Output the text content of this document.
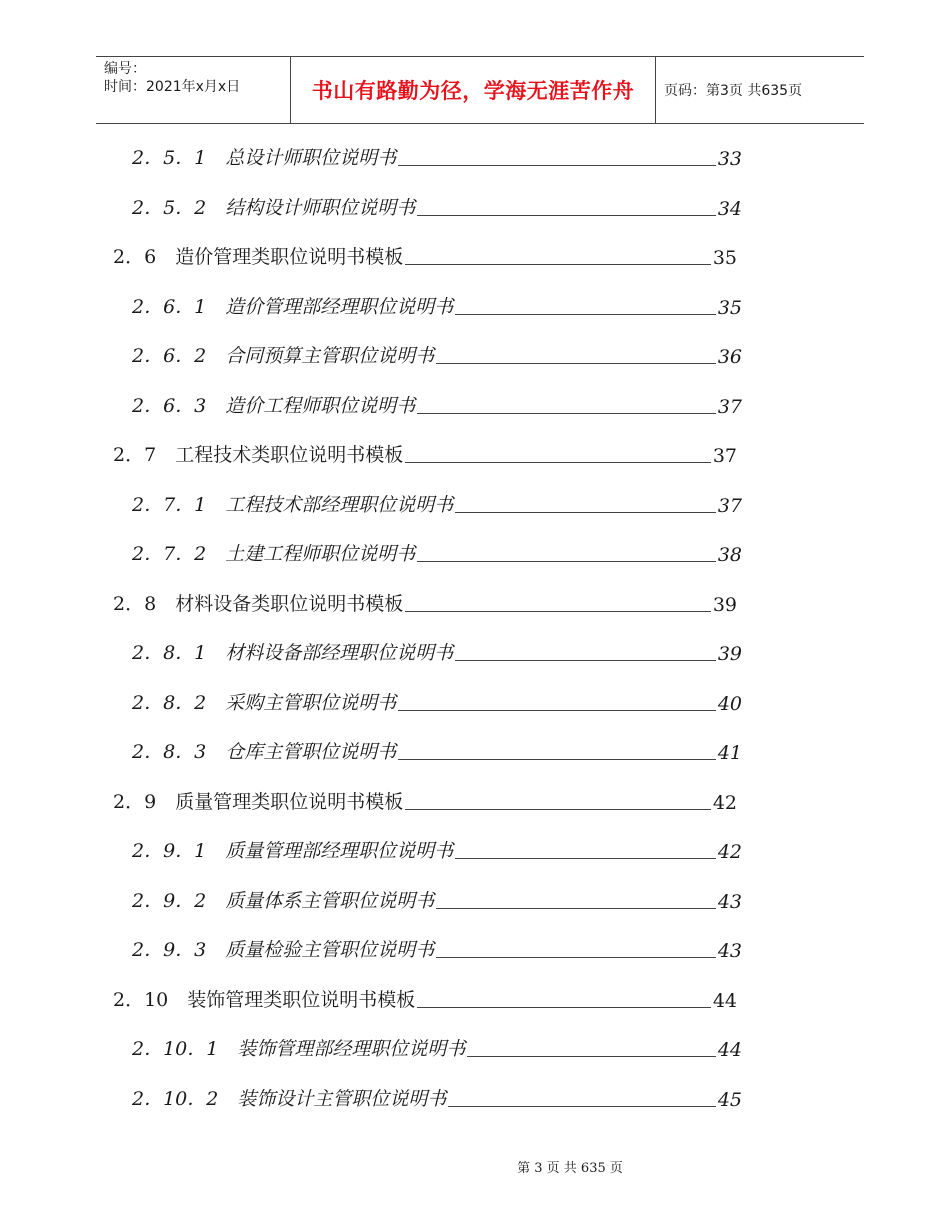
编号：
时间：2021年x月x日	书山有路勤为径，学海无涯苦作舟	页码：第3页 共635页
2．5．1　 总设计师职位说明书	33
2．5．2　 结构设计师职位说明书	34
2．6　 造价管理类职位说明书模板	35
2．6．1　 造价管理部经理职位说明书	35
2．6．2　 合同预算主管职位说明书	36
2．6．3　 造价工程师职位说明书	37
2．7　 工程技术类职位说明书模板	37
2．7．1　 工程技术部经理职位说明书	37
2．7．2　 土建工程师职位说明书	38
2．8　 材料设备类职位说明书模板	39
2．8．1　 材料设备部经理职位说明书	39
2．8．2　 采购主管职位说明书	40
2．8．3　 仓库主管职位说明书	41
2．9　 质量管理类职位说明书模板	42
2．9．1　 质量管理部经理职位说明书	42
2．9．2　 质量体系主管职位说明书	43
2．9．3　 质量检验主管职位说明书	43
2．10　 装饰管理类职位说明书模板	44
2．10．1　 装饰管理部经理职位说明书	44
2．10．2　 装饰设计主管职位说明书	45
第 3 页 共 635 页
